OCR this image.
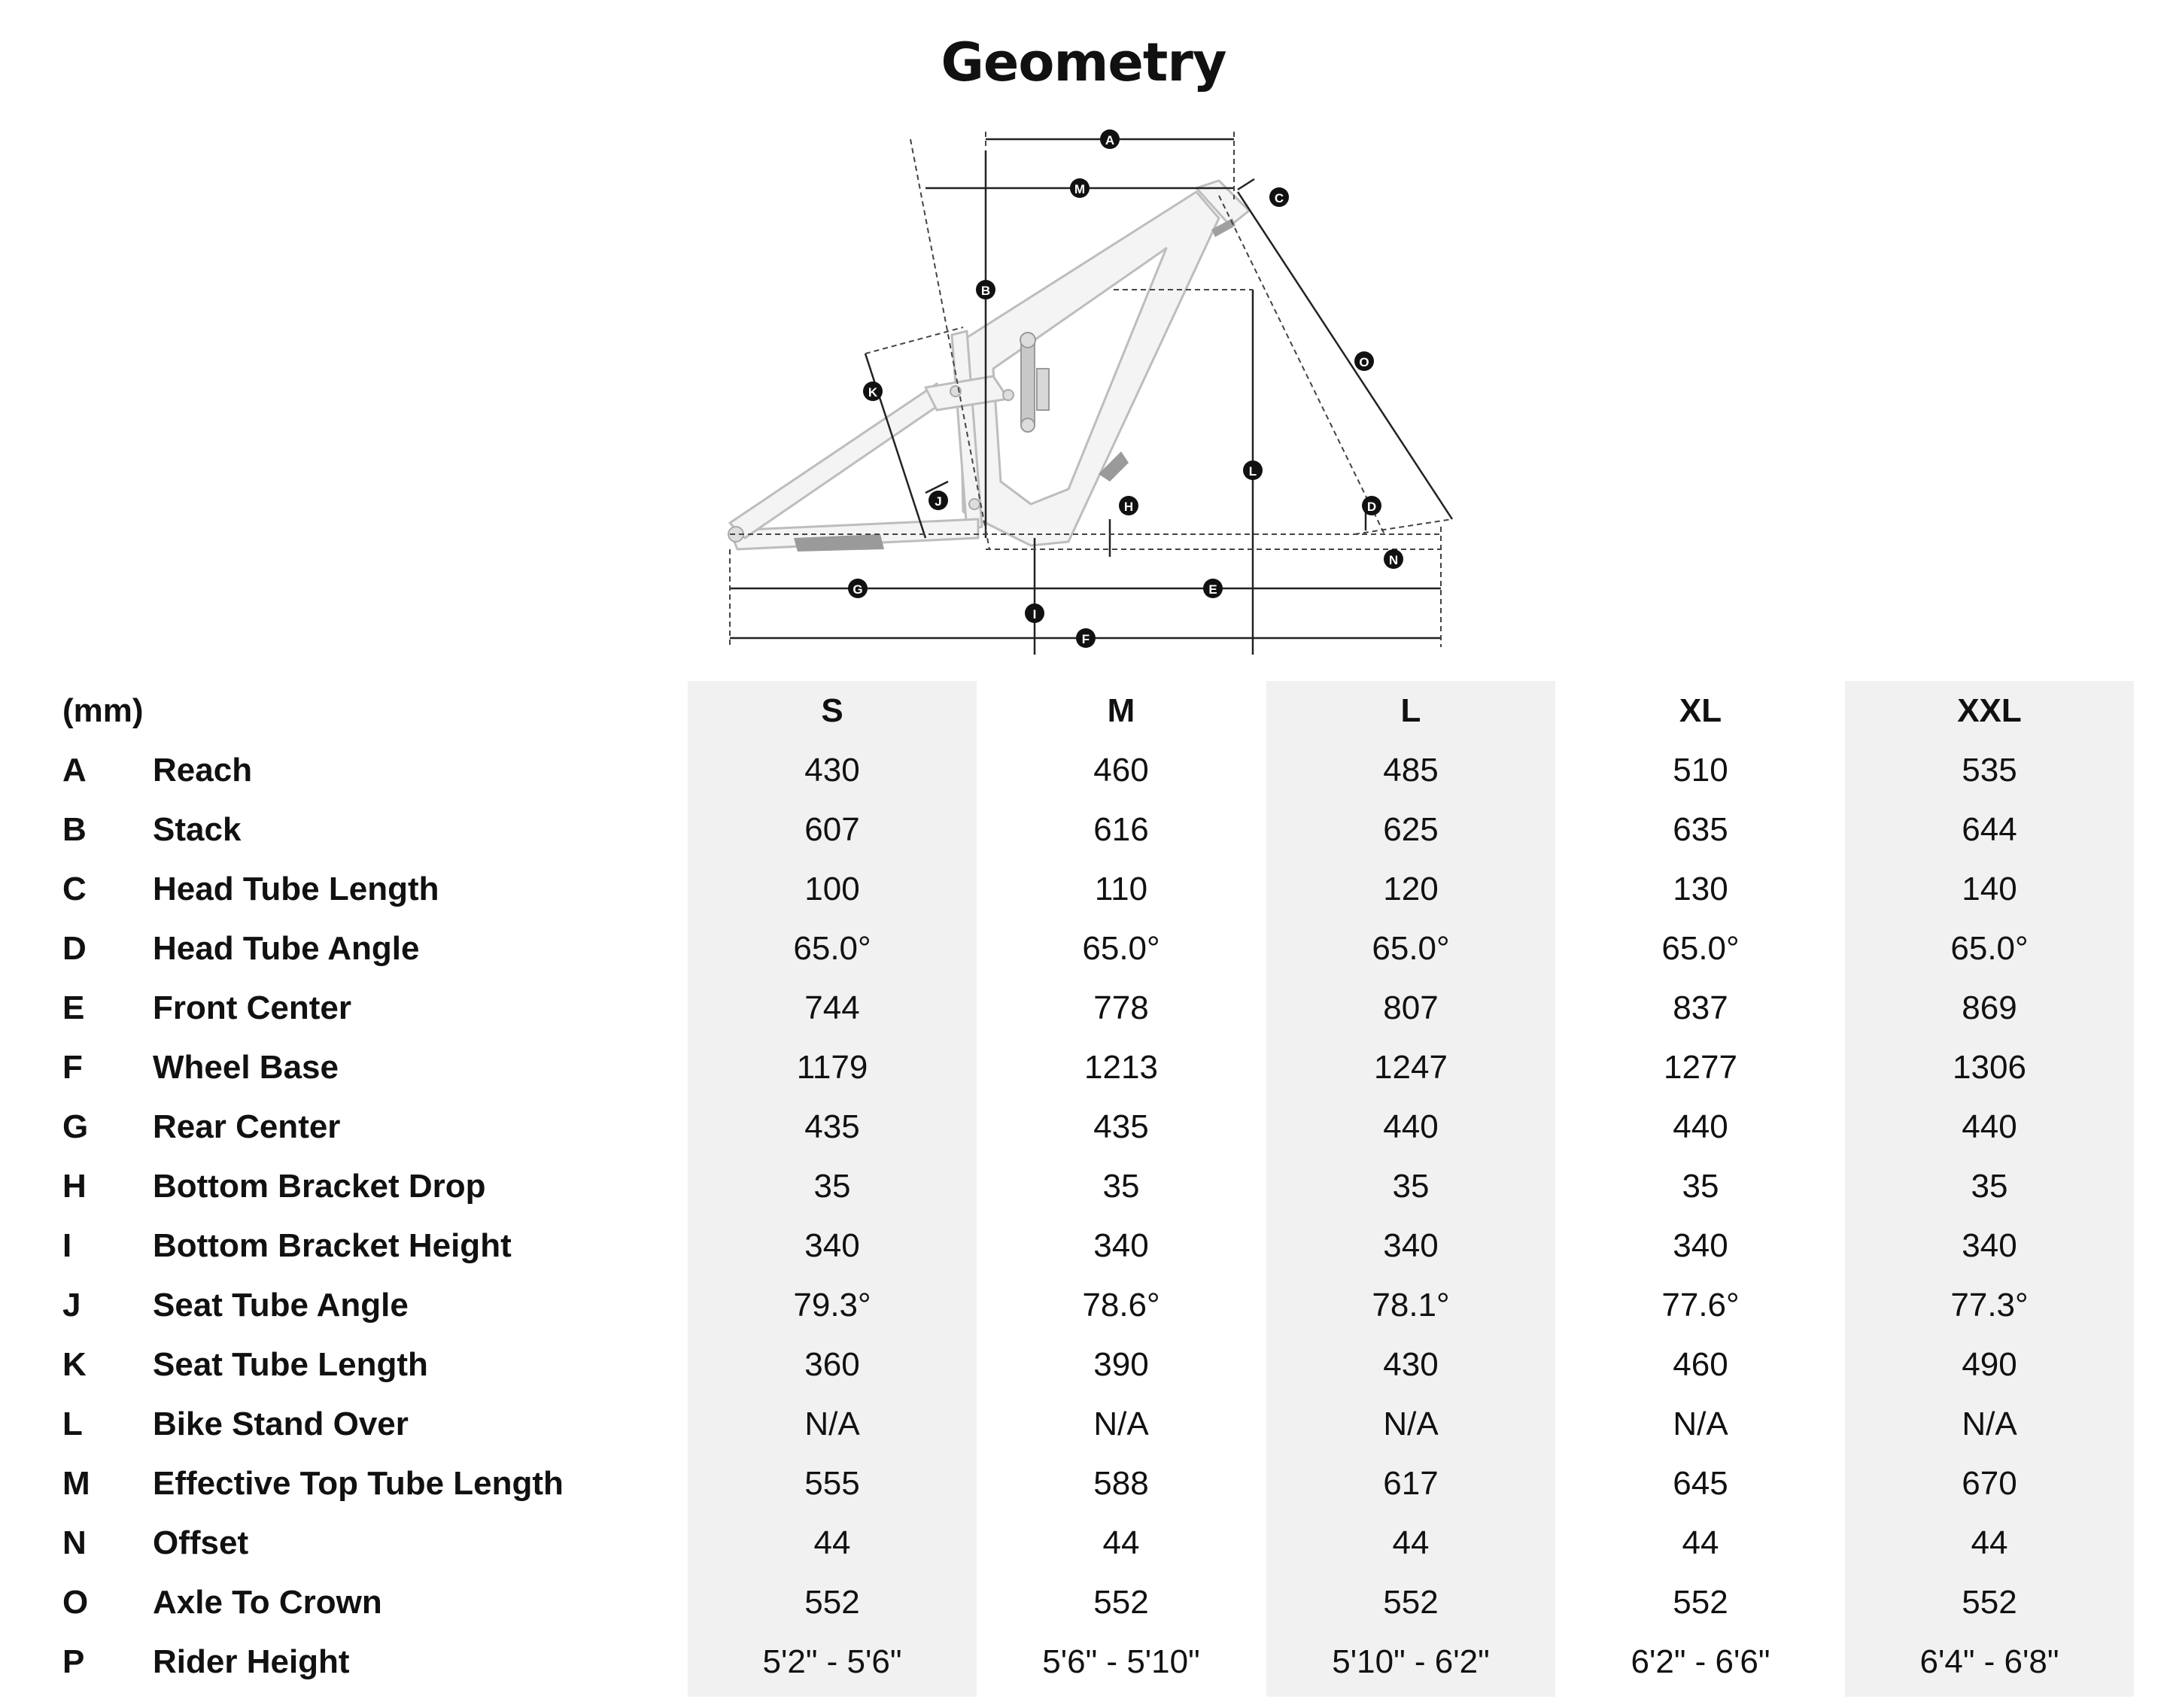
Geometry
A
B
C
D
E
F
G
H
I
J
K
L
M
N
O
(mm)	S	M	L	XL	XXL
A Reach	430	460	485	510	535
B Stack	607	616	625	635	644
C Head Tube Length	100	110	120	130	140
D Head Tube Angle	65.0°	65.0°	65.0°	65.0°	65.0°
E Front Center	744	778	807	837	869
F Wheel Base	1179	1213	1247	1277	1306
G Rear Center	435	435	440	440	440
H Bottom Bracket Drop	35	35	35	35	35
I Bottom Bracket Height	340	340	340	340	340
J Seat Tube Angle	79.3°	78.6°	78.1°	77.6°	77.3°
K Seat Tube Length	360	390	430	460	490
L Bike Stand Over	N/A	N/A	N/A	N/A	N/A
M Effective Top Tube Length	555	588	617	645	670
N Offset	44	44	44	44	44
O Axle To Crown	552	552	552	552	552
P Rider Height	5'2" - 5'6"	5'6" - 5'10"	5'10" - 6'2"	6'2" - 6'6"	6'4" - 6'8"
